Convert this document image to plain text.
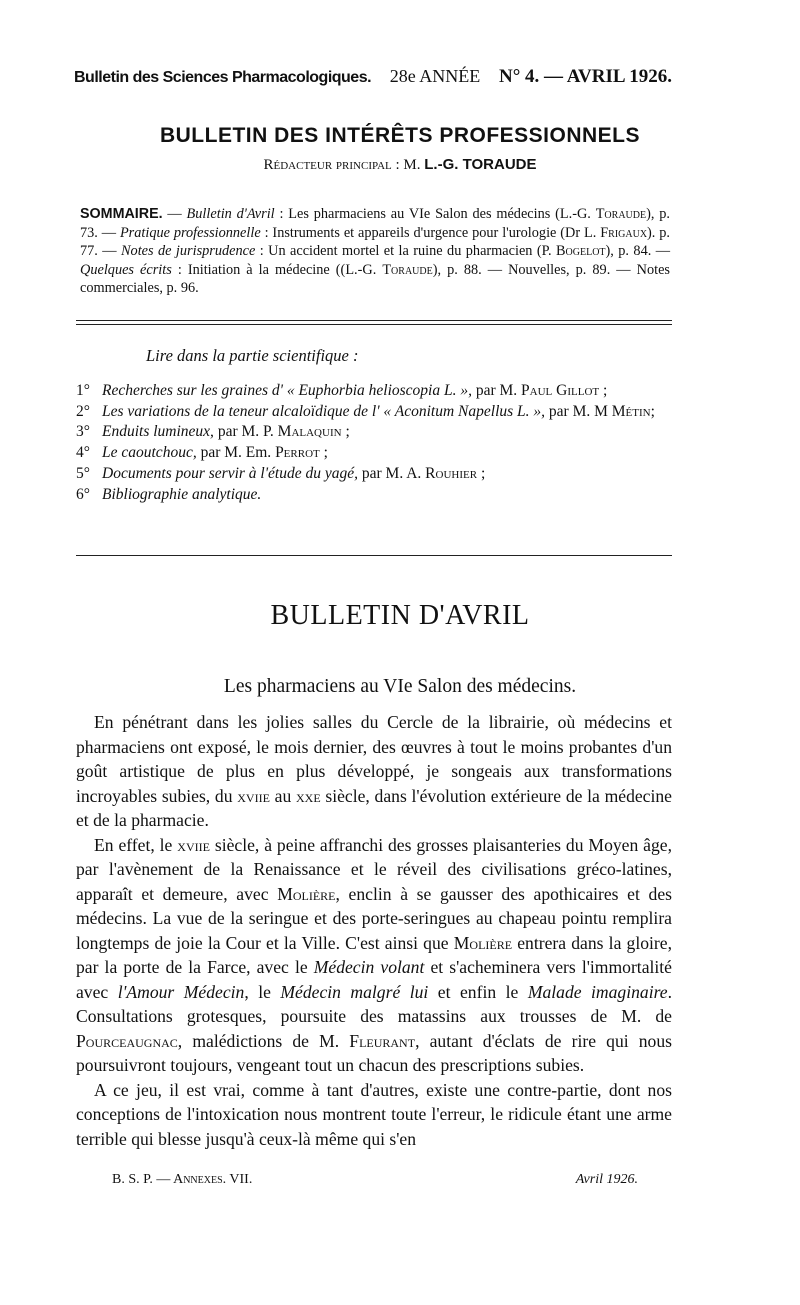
Bulletin des Sciences Pharmacologiques. 28e ANNÉE N° 4. — AVRIL 1926.
BULLETIN DES INTÉRÊTS PROFESSIONNELS
Rédacteur principal : M. L.-G. TORAUDE
SOMMAIRE. — Bulletin d'Avril : Les pharmaciens au VIe Salon des médecins (L.-G. Toraude), p. 73. — Pratique professionnelle : Instruments et appareils d'urgence pour l'urologie (Dr L. Frigaux). p. 77. — Notes de jurisprudence : Un accident mortel et la ruine du pharmacien (P. Bogelot), p. 84. — Quelques écrits : Initiation à la médecine ((L.-G. Toraude), p. 88. — Nouvelles, p. 89. — Notes commerciales, p. 96.
Lire dans la partie scientifique :
1° Recherches sur les graines d' « Euphorbia helioscopia L. », par M. Paul Gillot ;
2° Les variations de la teneur alcaloïdique de l' « Aconitum Napellus L. », par M. M Métin;
3° Enduits lumineux, par M. P. Malaquin ;
4° Le caoutchouc, par M. Em. Perrot ;
5° Documents pour servir à l'étude du yagé, par M. A. Rouhier ;
6° Bibliographie analytique.
BULLETIN D'AVRIL
Les pharmaciens au VIe Salon des médecins.

En pénétrant dans les jolies salles du Cercle de la librairie, où médecins et pharmaciens ont exposé, le mois dernier, des œuvres à tout le moins probantes d'un goût artistique de plus en plus développé, je songeais aux transformations incroyables subies, du xviie au xxe siècle, dans l'évolution extérieure de la médecine et de la pharmacie.

En effet, le xviie siècle, à peine affranchi des grosses plaisanteries du Moyen âge, par l'avènement de la Renaissance et le réveil des civilisations gréco-latines, apparaît et demeure, avec Molière, enclin à se gausser des apothicaires et des médecins. La vue de la seringue et des porte-seringues au chapeau pointu remplira longtemps de joie la Cour et la Ville. C'est ainsi que Molière entrera dans la gloire, par la porte de la Farce, avec le Médecin volant et s'acheminera vers l'immortalité avec l'Amour Médecin, le Médecin malgré lui et enfin le Malade imaginaire. Consultations grotesques, poursuite des matassins aux trousses de M. de Pourceaugnac, malédictions de M. Fleurant, autant d'éclats de rire qui nous poursuivront toujours, vengeant tout un chacun des prescriptions subies.

A ce jeu, il est vrai, comme à tant d'autres, existe une contre-partie, dont nos conceptions de l'intoxication nous montrent toute l'erreur, le ridicule étant une arme terrible qui blesse jusqu'à ceux-là même qui s'en

B. S. P. — Annexes. VII.	Avril 1926.
